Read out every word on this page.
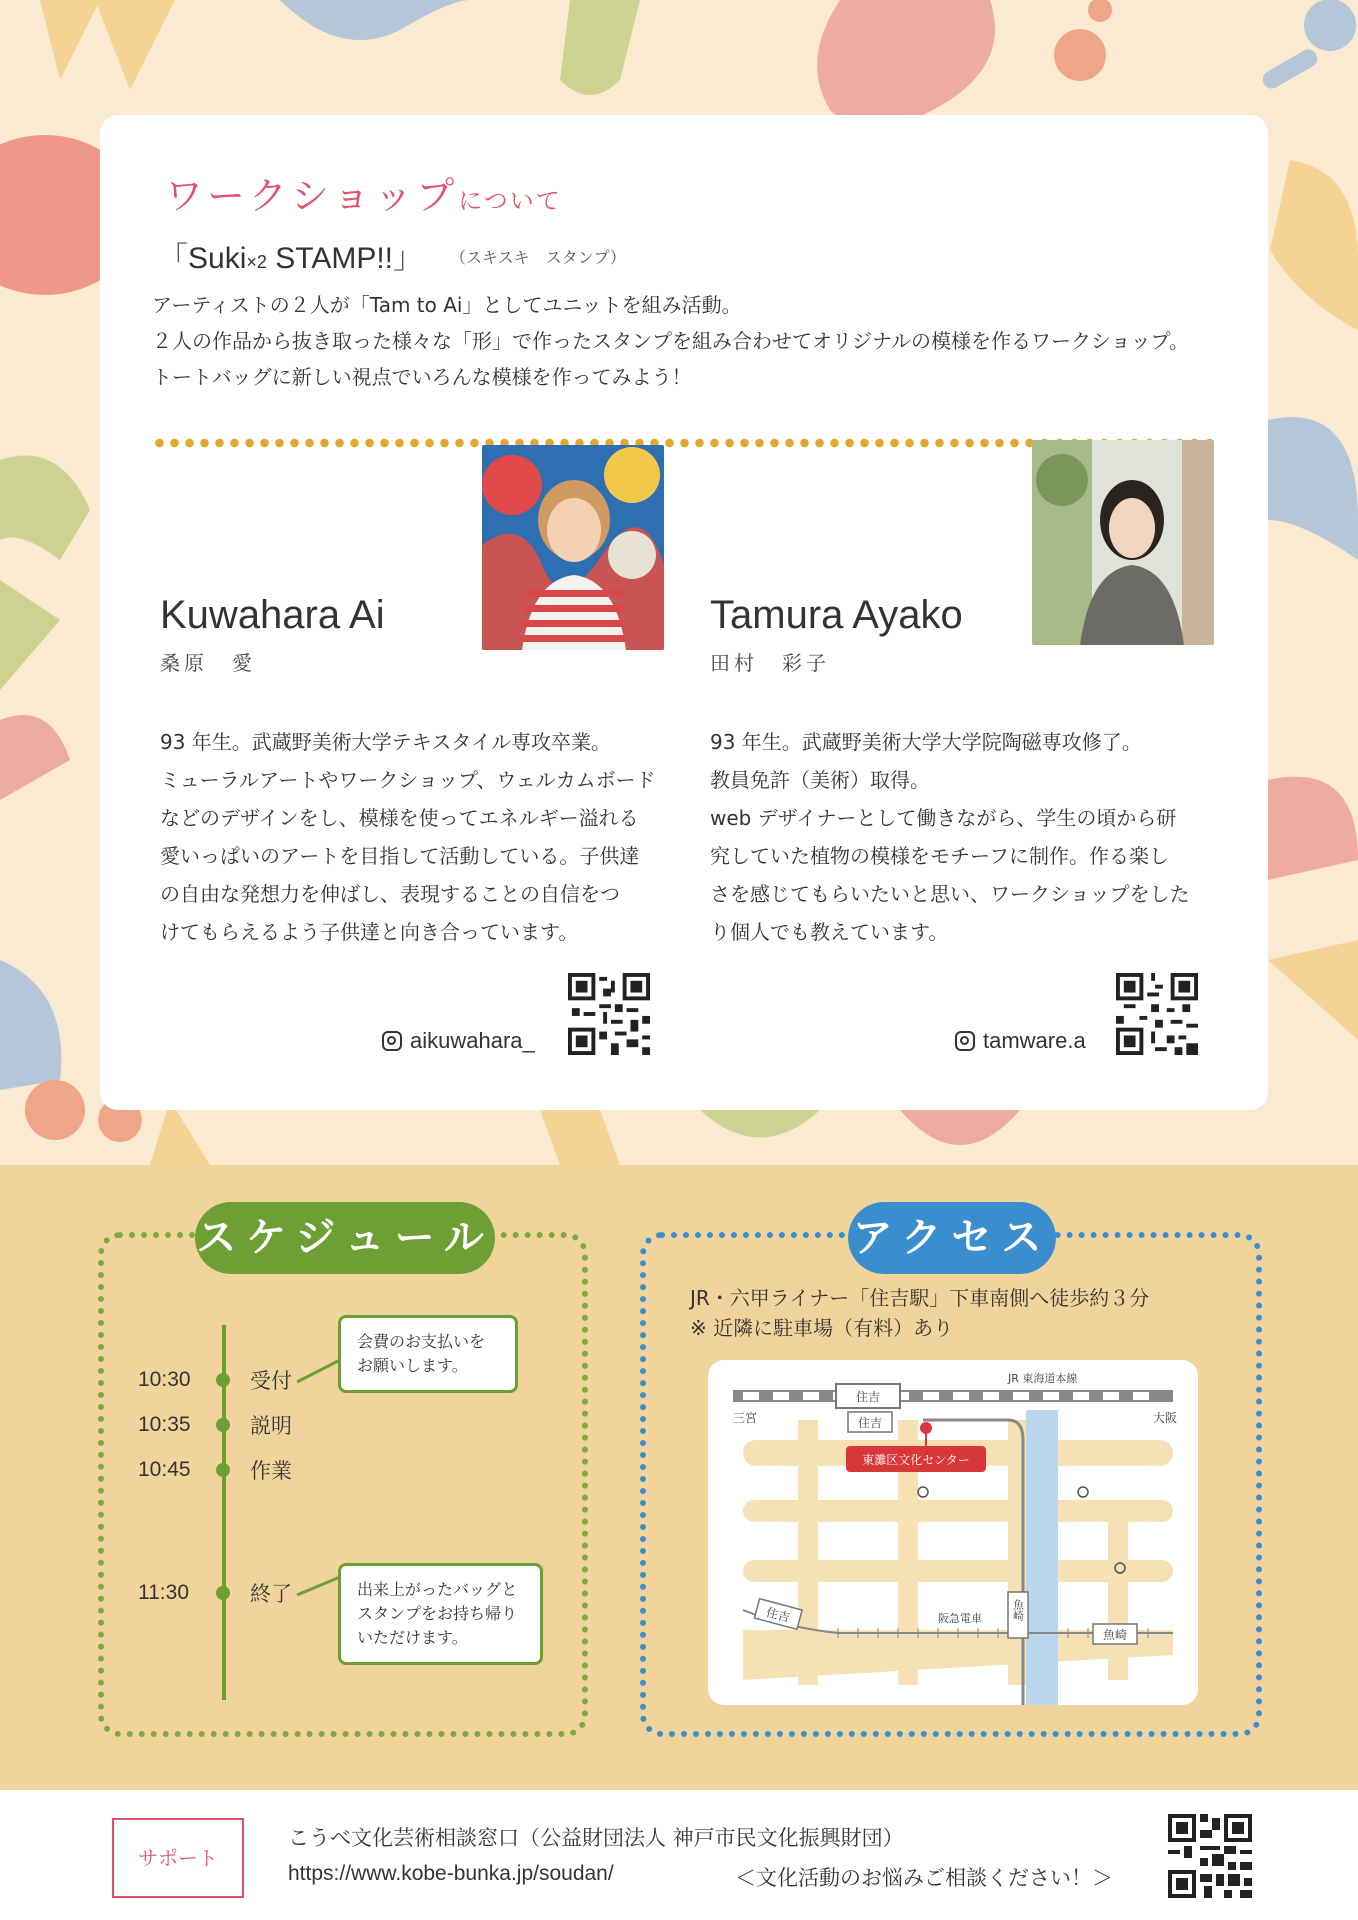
ワークショップについて
「Suki×2 STAMP!!」 （スキスキ　スタンプ）
アーティストの２人が「Tam to Ai」としてユニットを組み活動。
２人の作品から抜き取った様々な「形」で作ったスタンプを組み合わせてオリジナルの模様を作るワークショップ。
トートバッグに新しい視点でいろんな模様を作ってみよう！
Kuwahara Ai
桑原　愛
93 年生。武蔵野美術大学テキスタイル専攻卒業。
ミューラルアートやワークショップ、ウェルカムボード
などのデザインをし、模様を使ってエネルギー溢れる
愛いっぱいのアートを目指して活動している。子供達
の自由な発想力を伸ばし、表現することの自信をつ
けてもらえるよう子供達と向き合っています。
aikuwahara_
Tamura Ayako
田村　彩子
93 年生。武蔵野美術大学大学院陶磁専攻修了。
教員免許（美術）取得。
web デザイナーとして働きながら、学生の頃から研
究していた植物の模様をモチーフに制作。作る楽し
さを感じてもらいたいと思い、ワークショップをした
り個人でも教えています。
tamware.a
スケジュール
10:30	受付
10:35	説明
10:45	作業
11:30	終了
会費のお支払いを
お願いします。
出来上がったバッグと
スタンプをお持ち帰り
いただけます。
アクセス
JR・六甲ライナー「住吉駅」下車南側へ徒歩約３分
※ 近隣に駐車場（有料）あり
住吉
住吉
JR 東海道本線
三宮	大阪
東灘区文化センター
住吉	魚崎
魚崎
阪急電車
サポート
こうべ文化芸術相談窓口（公益財団法人 神戸市民文化振興財団）
https://www.kobe-bunka.jp/soudan/	＜文化活動のお悩みご相談ください！＞
